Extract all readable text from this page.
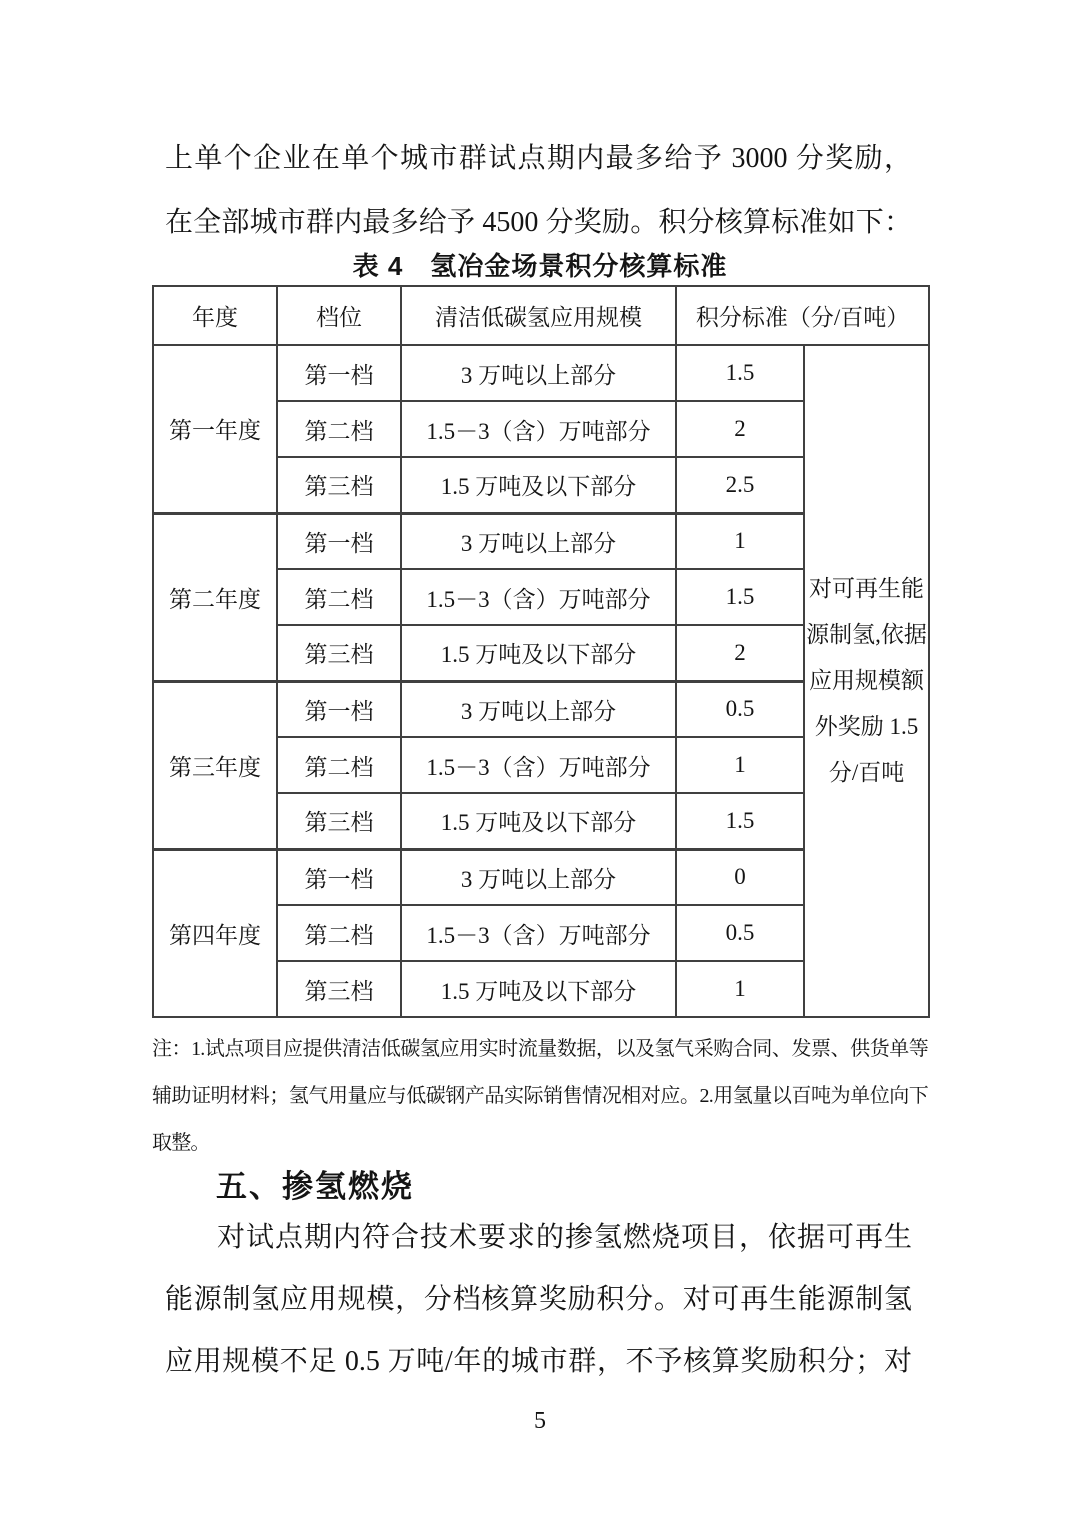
上单个企业在单个城市群试点期内最多给予 3000 分奖励，
在全部城市群内最多给予 4500 分奖励。积分核算标准如下：
表 4　氢冶金场景积分核算标准
年度	档位	清洁低碳氢应用规模	积分标准（分/百吨）	
第一年度	第一档	3 万吨以上部分	1.5	对可再生能源制氢,依据应用规模额外奖励 1.5 分/百吨
	第二档	1.5－3（含）万吨部分	2	
	第三档	1.5 万吨及以下部分	2.5	
第二年度	第一档	3 万吨以上部分	1	
	第二档	1.5－3（含）万吨部分	1.5	
	第三档	1.5 万吨及以下部分	2	
第三年度	第一档	3 万吨以上部分	0.5	
	第二档	1.5－3（含）万吨部分	1	
	第三档	1.5 万吨及以下部分	1.5	
第四年度	第一档	3 万吨以上部分	0	
	第二档	1.5－3（含）万吨部分	0.5	
	第三档	1.5 万吨及以下部分	1	
注：1.试点项目应提供清洁低碳氢应用实时流量数据，以及氢气采购合同、发票、供货单等
辅助证明材料；氢气用量应与低碳钢产品实际销售情况相对应。2.用氢量以百吨为单位向下
取整。
五、掺氢燃烧
对试点期内符合技术要求的掺氢燃烧项目，依据可再生
能源制氢应用规模，分档核算奖励积分。对可再生能源制氢
应用规模不足 0.5 万吨/年的城市群，不予核算奖励积分；对
5
